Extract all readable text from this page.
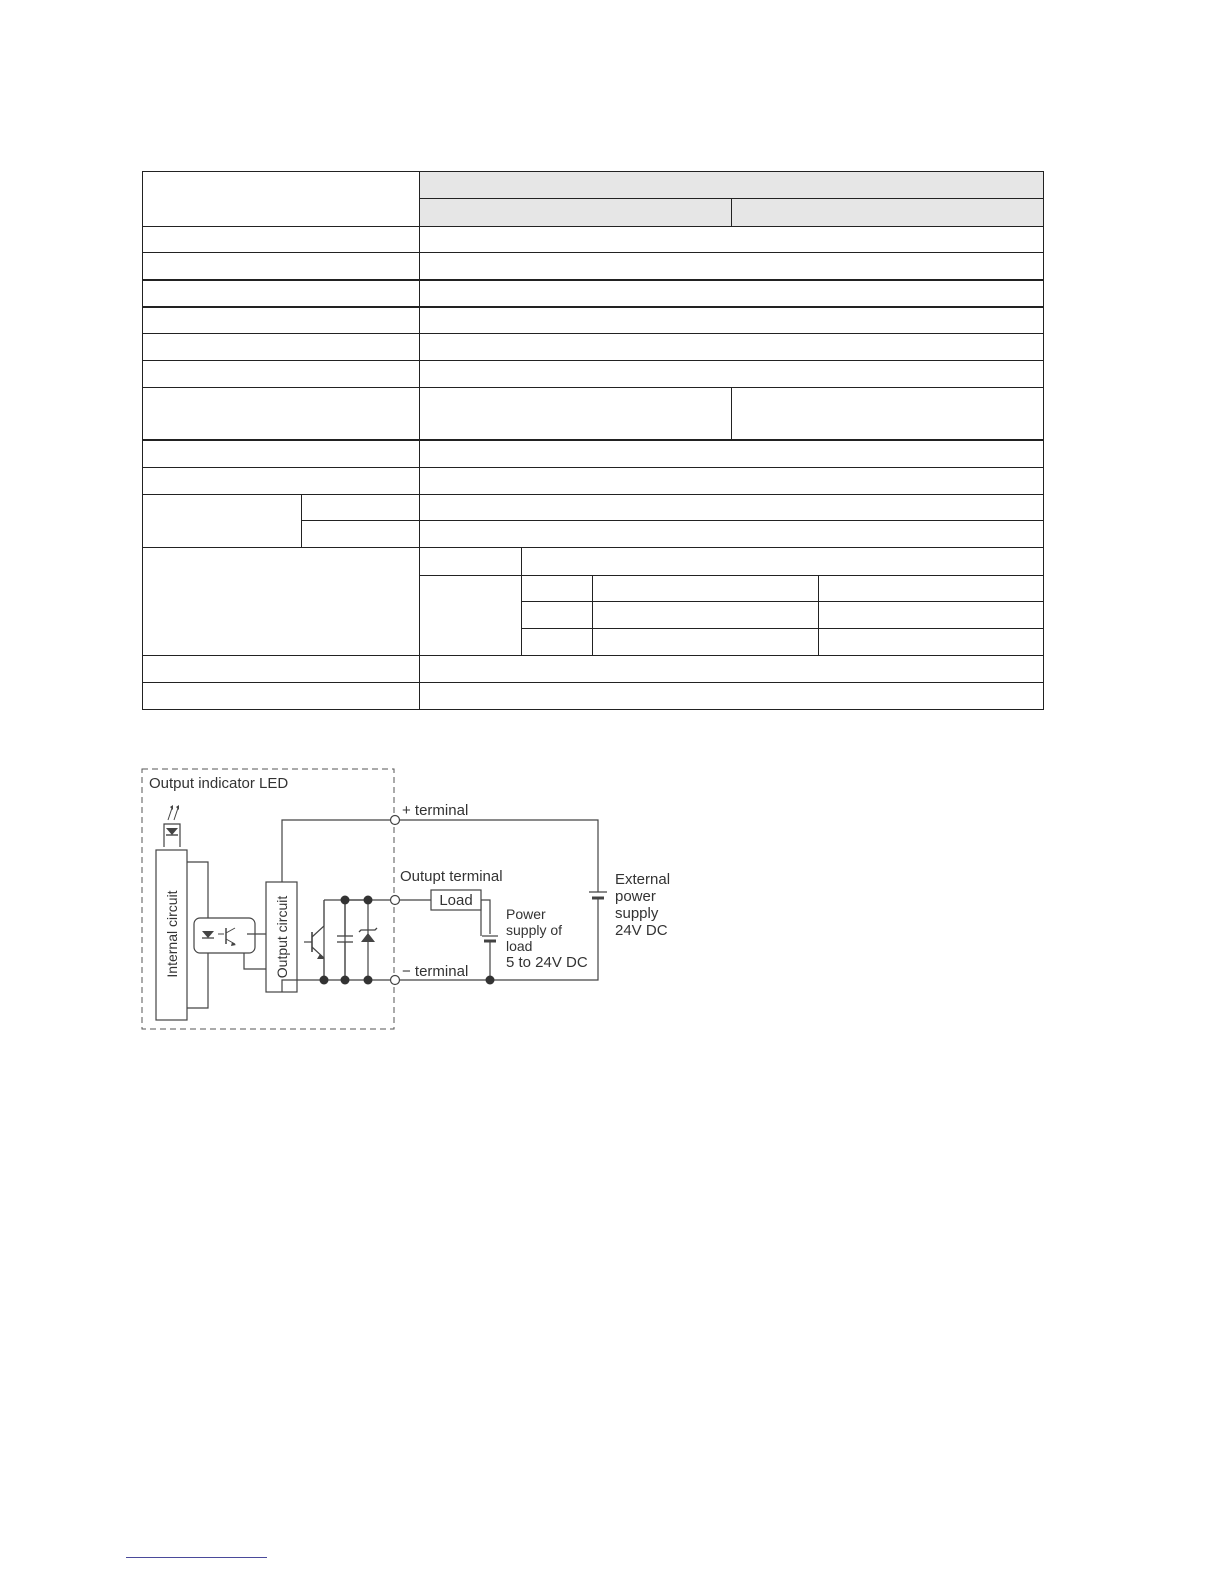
Output indicator LED
Internal circuit	Output circuit
+ terminal
Outupt terminal
− terminal
Load
Power supply of load 5 to 24V DC
External power supply 24V DC
